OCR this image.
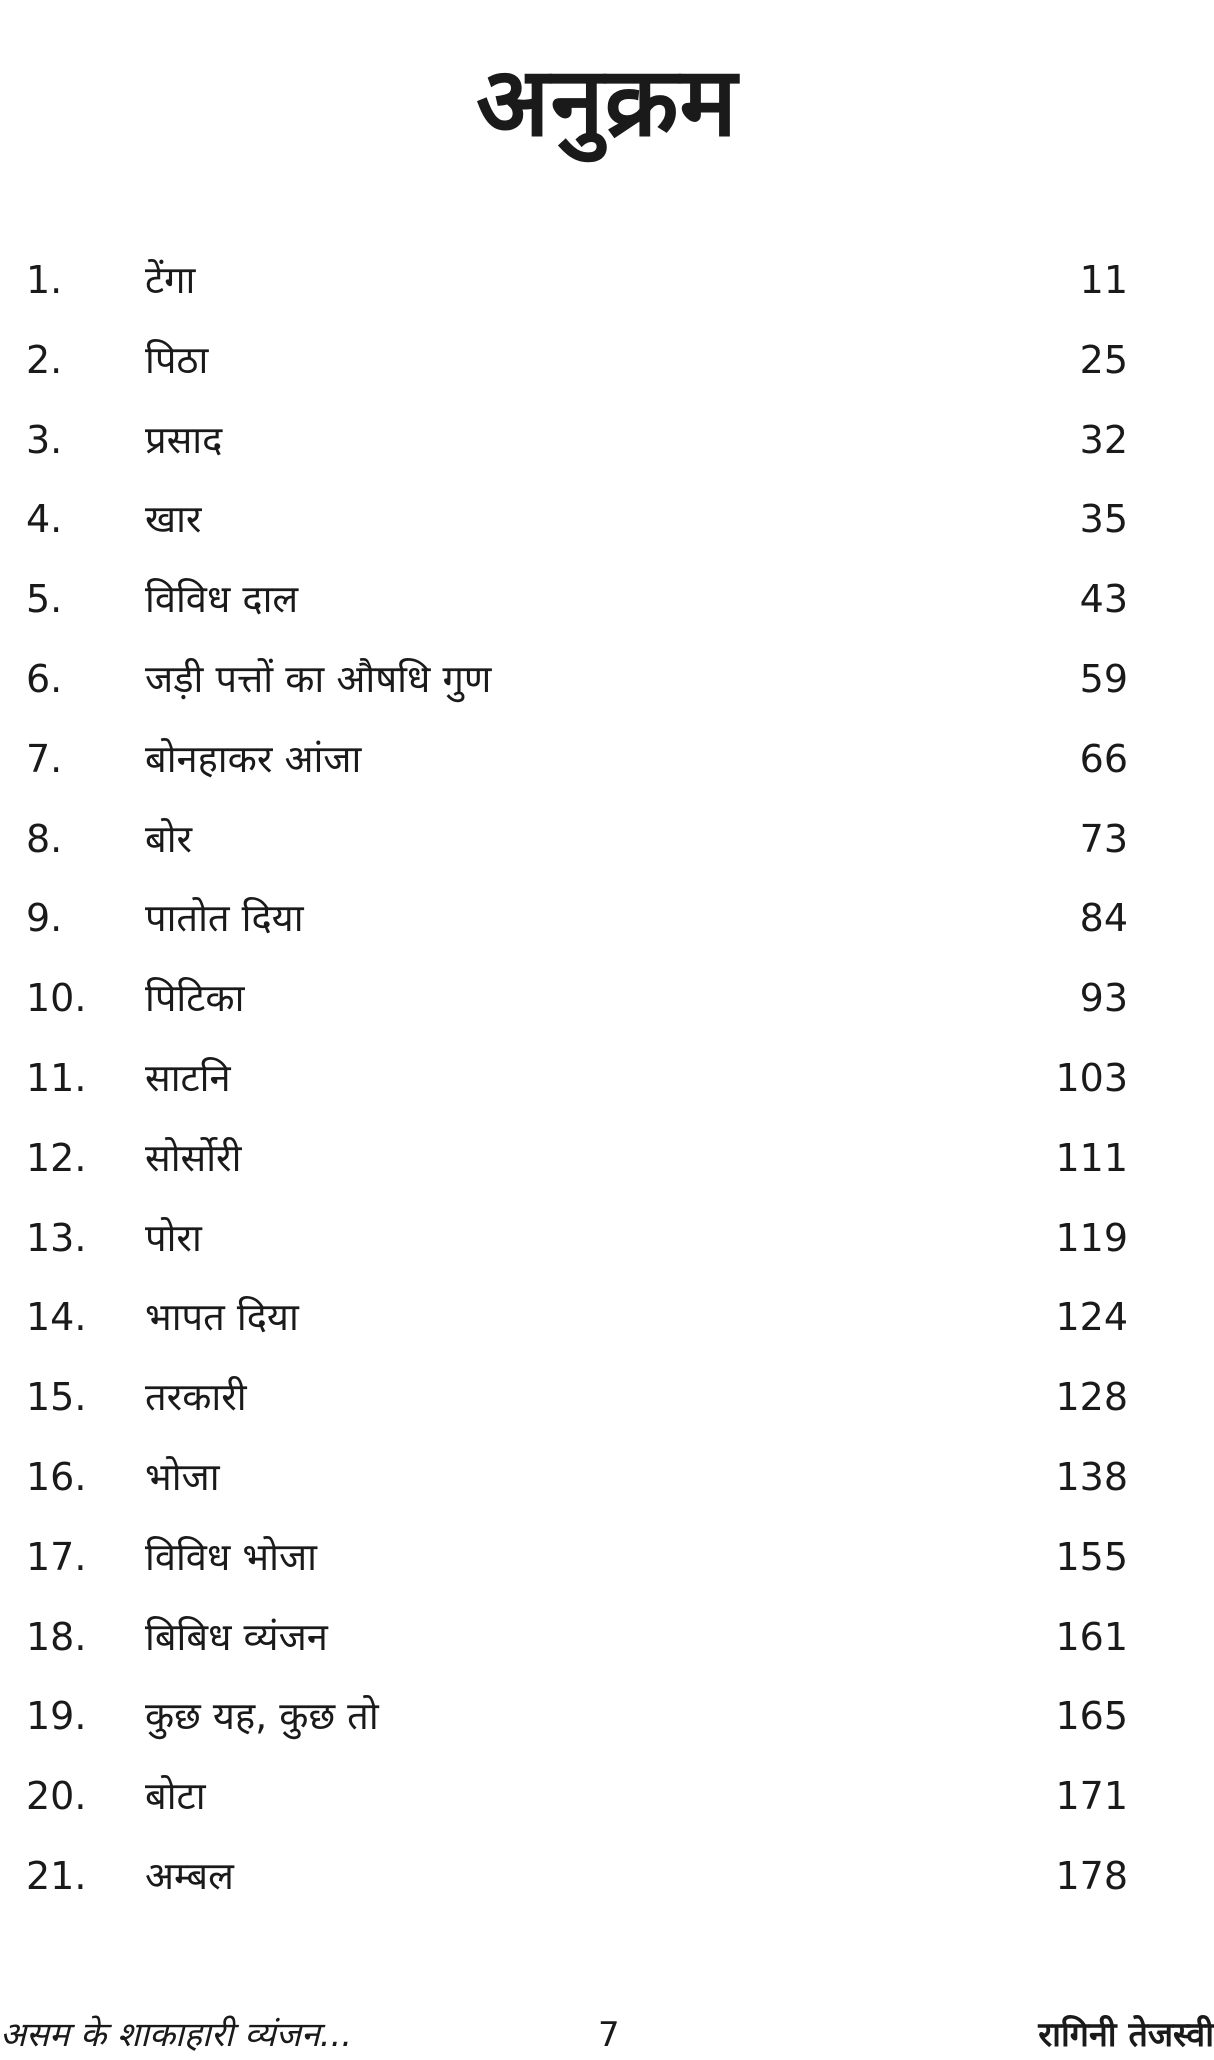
अनुक्रम
1. टेंगा	11
2. पिठा	25
3. प्रसाद	32
4. खार	35
5. विविध दाल	43
6. जड़ी पत्तों का औषधि गुण	59
7. बोनहाकर आंजा	66
8. बोर	73
9. पातोत दिया	84
10. पिटिका	93
11. साटनि	103
12. सोर्सोरी	111
13. पोरा	119
14. भापत दिया	124
15. तरकारी	128
16. भोजा	138
17. विविध भोजा	155
18. बिबिध व्यंजन	161
19. कुछ यह, कुछ तो	165
20. बोटा	171
21. अम्बल	178
असम के शाकाहारी व्यंजन...	7	रागिनी तेजस्वी
